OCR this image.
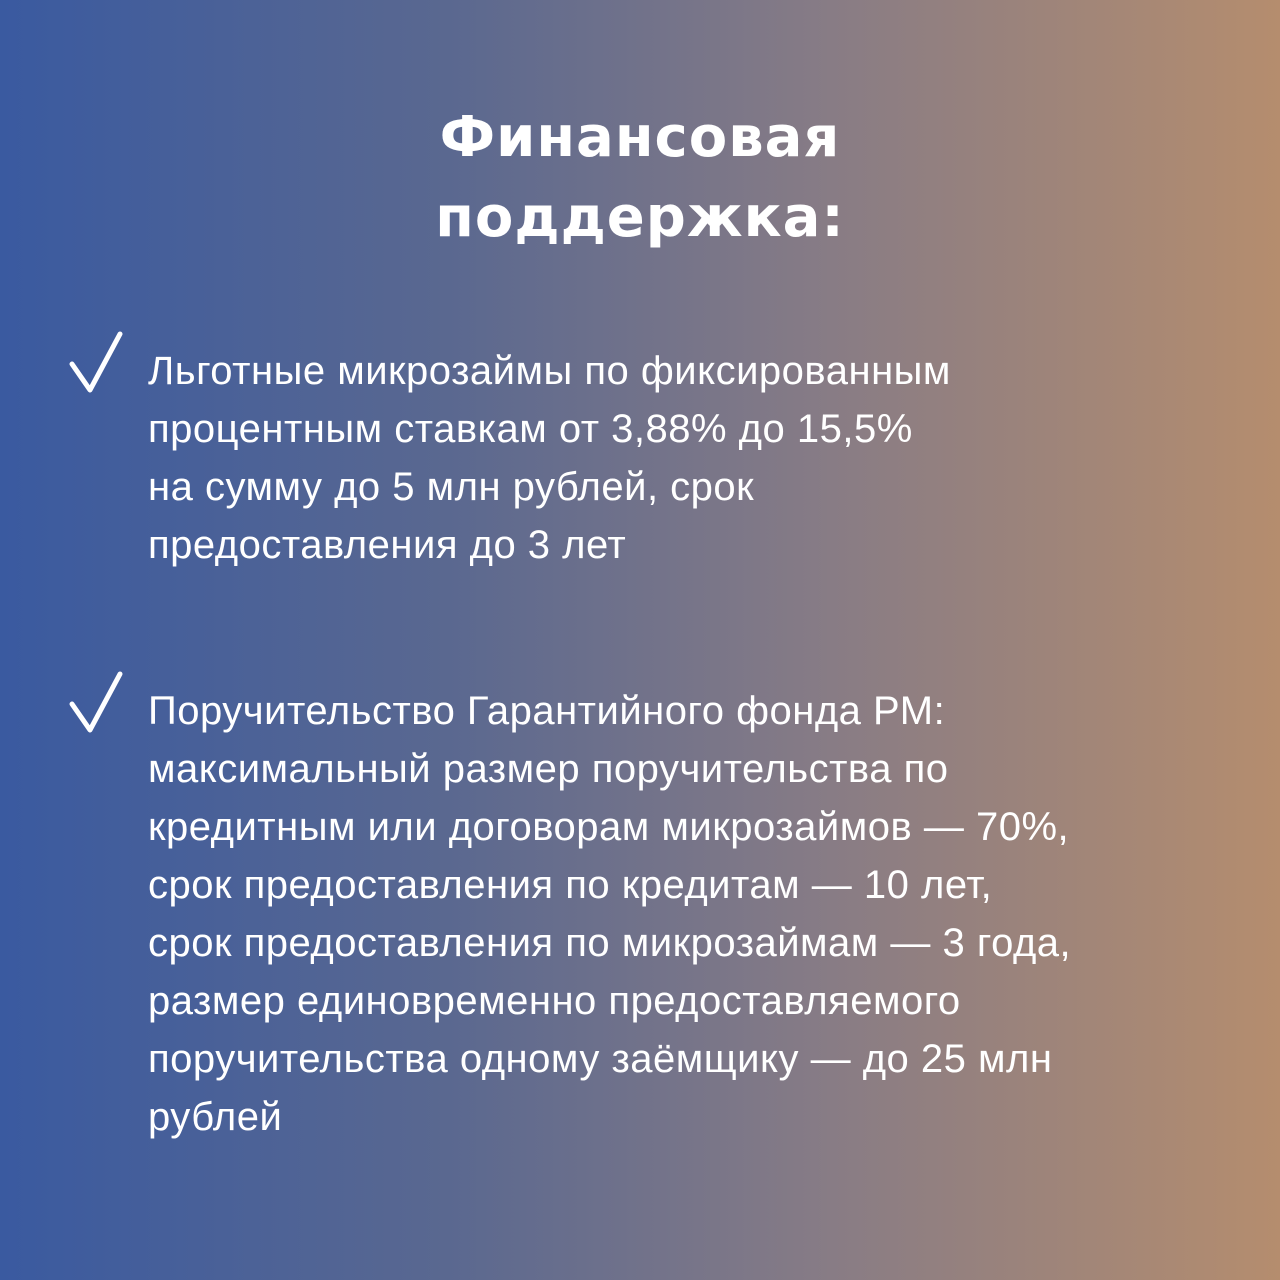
Финансовая
поддержка:

Льготные микрозаймы по фиксированным
процентным ставкам от 3,88% до 15,5%
на сумму до 5 млн рублей, срок
предоставления до 3 лет

Поручительство Гарантийного фонда РМ:
максимальный размер поручительства по
кредитным или договорам микрозаймов — 70%,
срок предоставления по кредитам — 10 лет,
срок предоставления по микрозаймам — 3 года,
размер единовременно предоставляемого
поручительства одному заёмщику — до 25 млн
рублей
